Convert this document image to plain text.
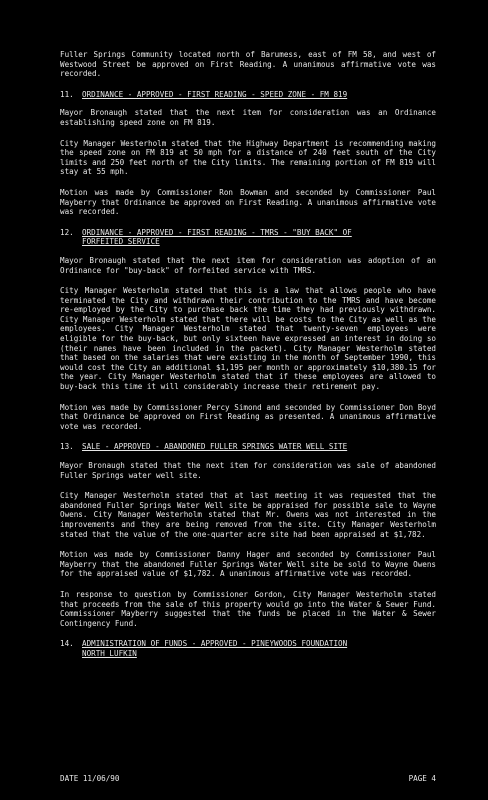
Fuller Springs Community located north of Barumess, east of FM 58, and west of Westwood Street be approved on First Reading. A unanimous affirmative vote was recorded.

11. ORDINANCE - APPROVED - FIRST READING - SPEED ZONE - FM 819

Mayor Bronaugh stated that the next item for consideration was an Ordinance establishing speed zone on FM 819.

City Manager Westerholm stated that the Highway Department is recommending making the speed zone on FM 819 at 50 mph for a distance of 240 feet south of the City limits and 250 feet north of the City limits. The remaining portion of FM 819 will stay at 55 mph.

Motion was made by Commissioner Ron Bowman and seconded by Commissioner Paul Mayberry that Ordinance be approved on First Reading. A unanimous affirmative vote was recorded.

12. ORDINANCE - APPROVED - FIRST READING - TMRS - "BUY BACK" OF
FORFEITED SERVICE

Mayor Bronaugh stated that the next item for consideration was adoption of an Ordinance for "buy-back" of forfeited service with TMRS.

City Manager Westerholm stated that this is a law that allows people who have terminated the City and withdrawn their contribution to the TMRS and have become re-employed by the City to purchase back the time they had previously withdrawn. City Manager Westerholm stated that there will be costs to the City as well as the employees. City Manager Westerholm stated that twenty-seven employees were eligible for the buy-back, but only sixteen have expressed an interest in doing so (their names have been included in the packet). City Manager Westerholm stated that based on the salaries that were existing in the month of September 1990, this would cost the City an additional $1,195 per month or approximately $10,380.15 for the year. City Manager Westerholm stated that if these employees are allowed to buy-back this time it will considerably increase their retirement pay.

Motion was made by Commissioner Percy Simond and seconded by Commissioner Don Boyd that Ordinance be approved on First Reading as presented. A unanimous affirmative vote was recorded.

13. SALE - APPROVED - ABANDONED FULLER SPRINGS WATER WELL SITE

Mayor Bronaugh stated that the next item for consideration was sale of abandoned Fuller Springs water well site.

City Manager Westerholm stated that at last meeting it was requested that the abandoned Fuller Springs Water Well site be appraised for possible sale to Wayne Owens. City Manager Westerholm stated that Mr. Owens was not interested in the improvements and they are being removed from the site. City Manager Westerholm stated that the value of the one-quarter acre site had been appraised at $1,782.

Motion was made by Commissioner Danny Hager and seconded by Commissioner Paul Mayberry that the abandoned Fuller Springs Water Well site be sold to Wayne Owens for the appraised value of $1,782. A unanimous affirmative vote was recorded.

In response to question by Commissioner Gordon, City Manager Westerholm stated that proceeds from the sale of this property would go into the Water & Sewer Fund. Commissioner Mayberry suggested that the funds be placed in the Water & Sewer Contingency Fund.

14. ADMINISTRATION OF FUNDS - APPROVED - PINEYWOODS FOUNDATION
NORTH LUFKIN
DATE 11/06/90	PAGE 4
